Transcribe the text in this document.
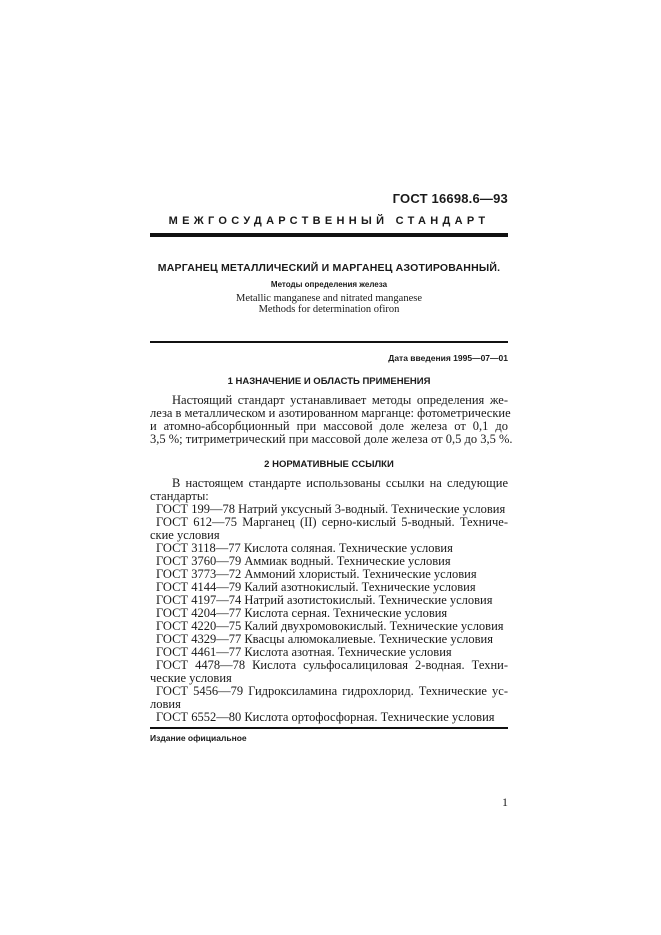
ГОСТ 16698.6—93
МЕЖГОСУДАРСТВЕННЫЙ СТАНДАРТ
МАРГАНЕЦ МЕТАЛЛИЧЕСКИЙ И МАРГАНЕЦ АЗОТИРОВАННЫЙ.
Методы определения железа
Metallic manganese and nitrated manganese
Methods for determination ofiron
Дата введения 1995—07—01
1 НАЗНАЧЕНИЕ И ОБЛАСТЬ ПРИМЕНЕНИЯ
Настоящий стандарт устанавливает методы определения же-
леза в металлическом и азотированном марганце: фотометрические
и атомно-абсорбционный при массовой доле железа от 0,1 до
3,5 %; титриметрический при массовой доле железа от 0,5 до 3,5 %.
2 НОРМАТИВНЫЕ ССЫЛКИ
В настоящем стандарте использованы ссылки на следующие
стандарты:
ГОСТ 199—78 Натрий уксусный 3-водный. Технические условия
ГОСТ 612—75 Марганец (II) серно-кислый 5-водный. Техниче-
ские условия
ГОСТ 3118—77 Кислота соляная. Технические условия
ГОСТ 3760—79 Аммиак водный. Технические условия
ГОСТ 3773—72 Аммоний хлористый. Технические условия
ГОСТ 4144—79 Калий азотнокислый. Технические условия
ГОСТ 4197—74 Натрий азотистокислый. Технические условия
ГОСТ 4204—77 Кислота серная. Технические условия
ГОСТ 4220—75 Калий двухромовокислый. Технические условия
ГОСТ 4329—77 Квасцы алюмокалиевые. Технические условия
ГОСТ 4461—77 Кислота азотная. Технические условия
ГОСТ 4478—78 Кислота сульфосалициловая 2-водная. Техни-
ческие условия
ГОСТ 5456—79 Гидроксиламина гидрохлорид. Технические ус-
ловия
ГОСТ 6552—80 Кислота ортофосфорная. Технические условия
Издание официальное
1
